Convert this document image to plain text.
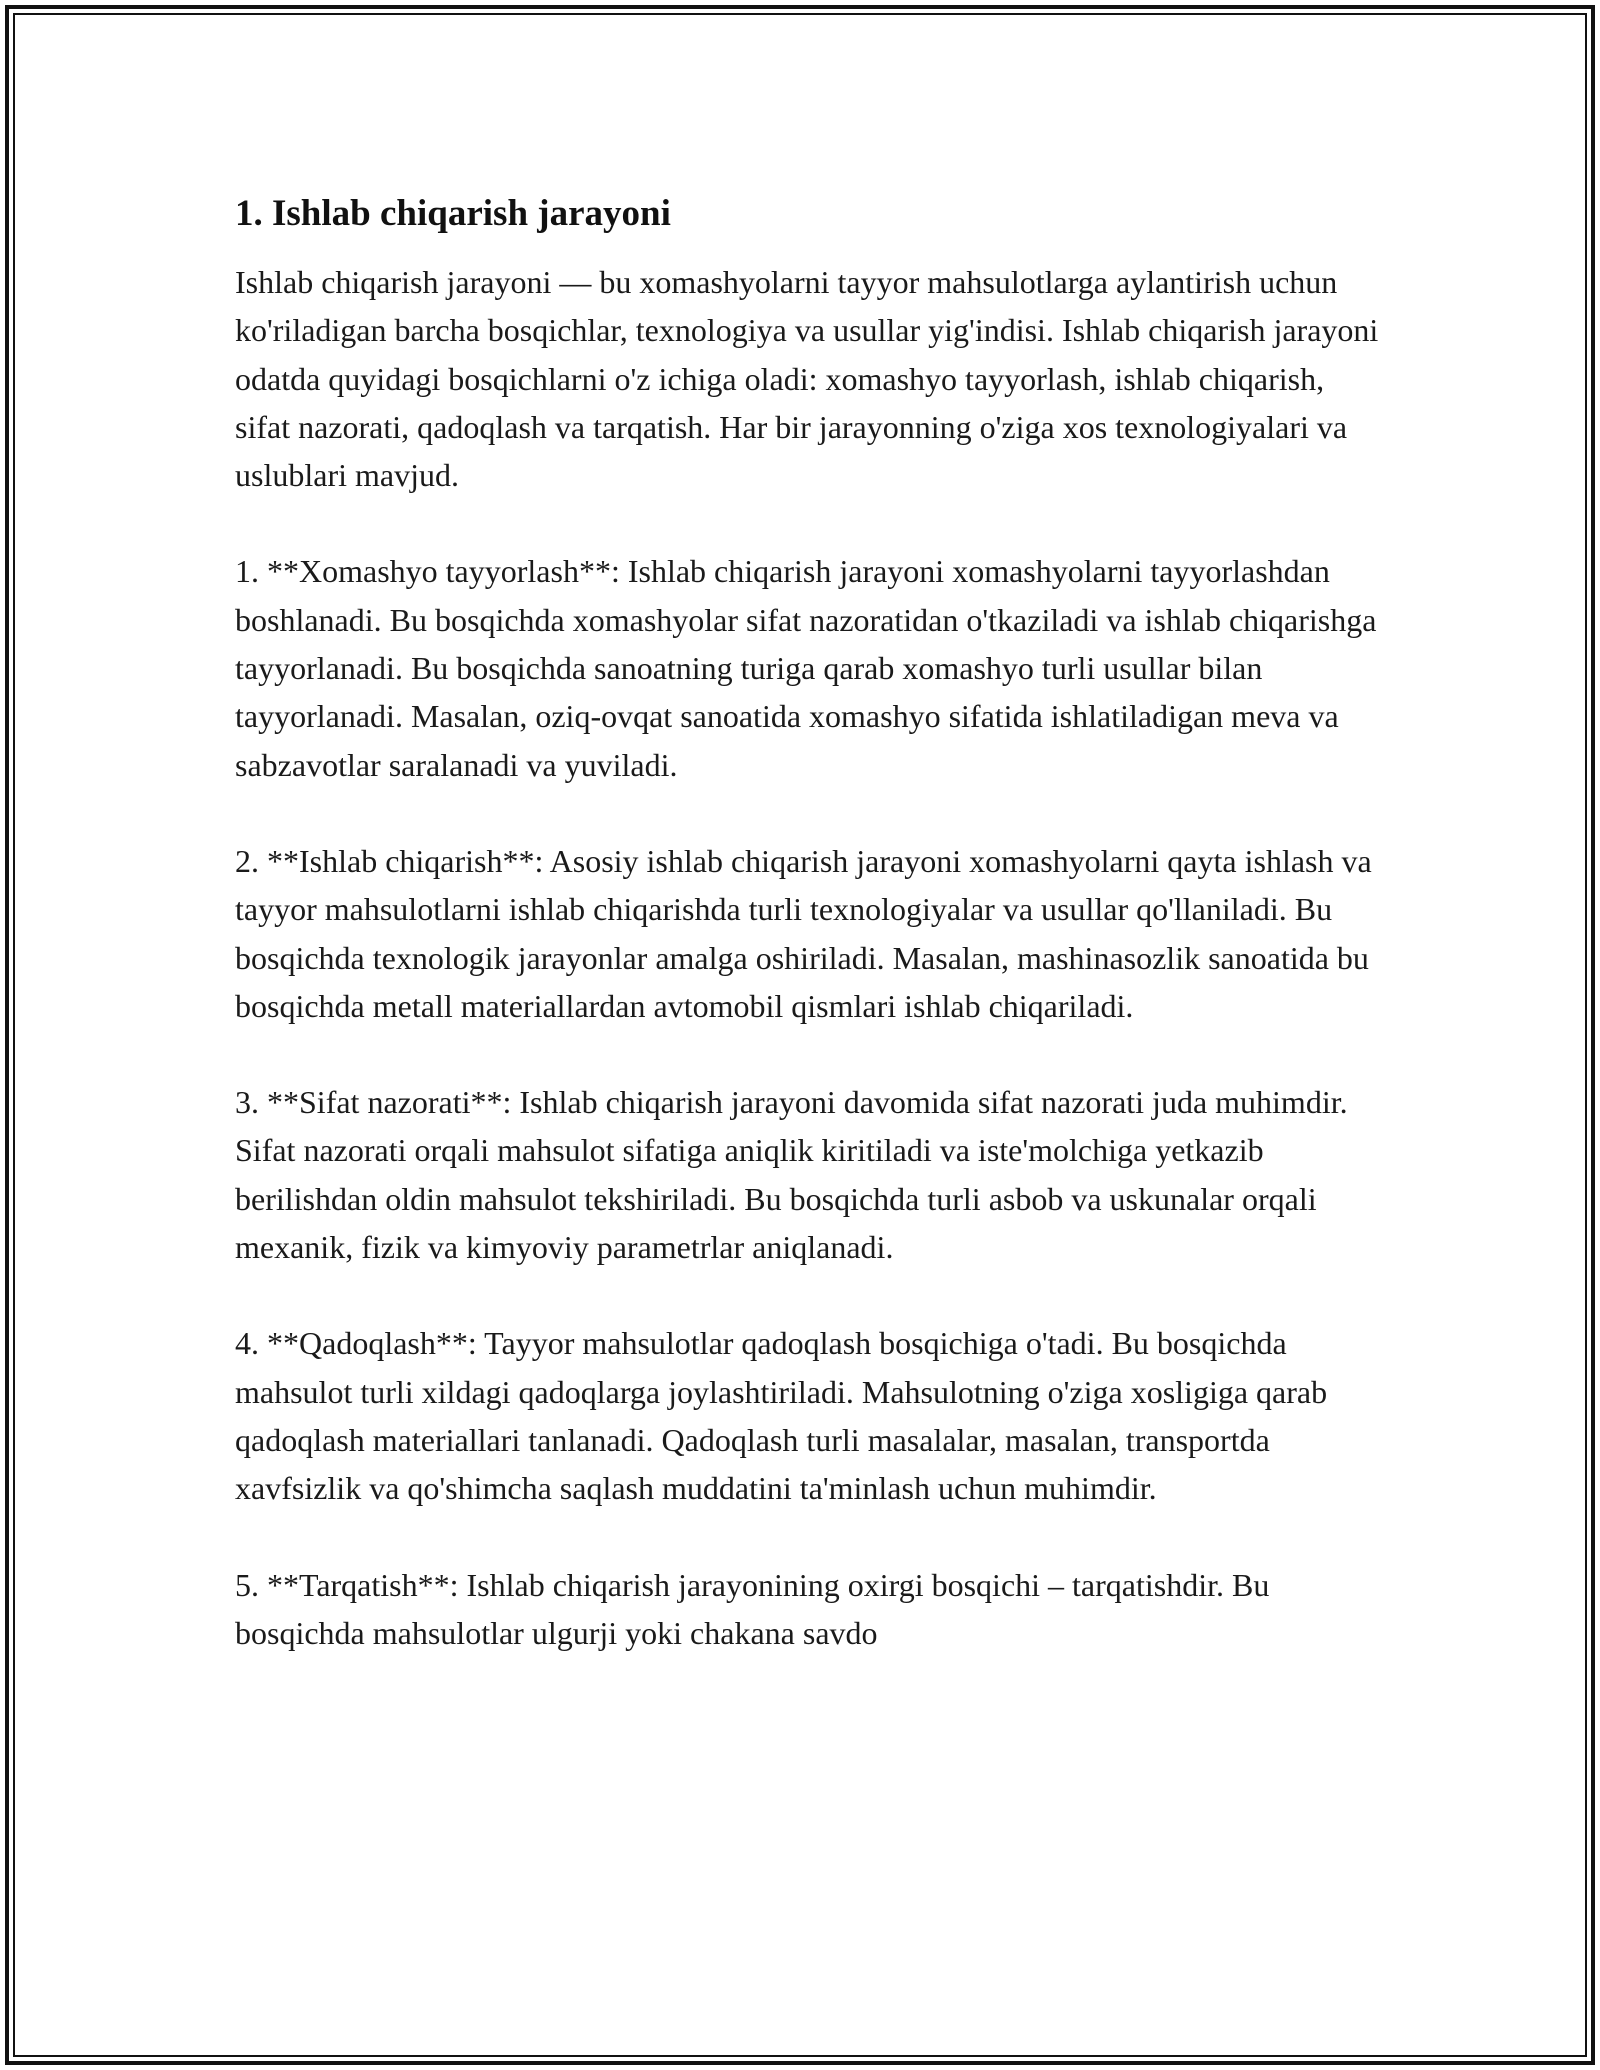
1. Ishlab chiqarish jarayoni

Ishlab chiqarish jarayoni — bu xomashyolarni tayyor mahsulotlarga aylantirish uchun ko'riladigan barcha bosqichlar, texnologiya va usullar yig'indisi. Ishlab chiqarish jarayoni odatda quyidagi bosqichlarni o'z ichiga oladi: xomashyo tayyorlash, ishlab chiqarish, sifat nazorati, qadoqlash va tarqatish. Har bir jarayonning o'ziga xos texnologiyalari va uslublari mavjud.

1. **Xomashyo tayyorlash**: Ishlab chiqarish jarayoni xomashyolarni tayyorlashdan boshlanadi. Bu bosqichda xomashyolar sifat nazoratidan o'tkaziladi va ishlab chiqarishga tayyorlanadi. Bu bosqichda sanoatning turiga qarab xomashyo turli usullar bilan tayyorlanadi. Masalan, oziq-ovqat sanoatida xomashyo sifatida ishlatiladigan meva va sabzavotlar saralanadi va yuviladi.

2. **Ishlab chiqarish**: Asosiy ishlab chiqarish jarayoni xomashyolarni qayta ishlash va tayyor mahsulotlarni ishlab chiqarishda turli texnologiyalar va usullar qo'llaniladi. Bu bosqichda texnologik jarayonlar amalga oshiriladi. Masalan, mashinasozlik sanoatida bu bosqichda metall materiallardan avtomobil qismlari ishlab chiqariladi.

3. **Sifat nazorati**: Ishlab chiqarish jarayoni davomida sifat nazorati juda muhimdir. Sifat nazorati orqali mahsulot sifatiga aniqlik kiritiladi va iste'molchiga yetkazib berilishdan oldin mahsulot tekshiriladi. Bu bosqichda turli asbob va uskunalar orqali mexanik, fizik va kimyoviy parametrlar aniqlanadi.

4. **Qadoqlash**: Tayyor mahsulotlar qadoqlash bosqichiga o'tadi. Bu bosqichda mahsulot turli xildagi qadoqlarga joylashtiriladi. Mahsulotning o'ziga xosligiga qarab qadoqlash materiallari tanlanadi. Qadoqlash turli masalalar, masalan, transportda xavfsizlik va qo'shimcha saqlash muddatini ta'minlash uchun muhimdir.

5. **Tarqatish**: Ishlab chiqarish jarayonining oxirgi bosqichi – tarqatishdir. Bu bosqichda mahsulotlar ulgurji yoki chakana savdo
